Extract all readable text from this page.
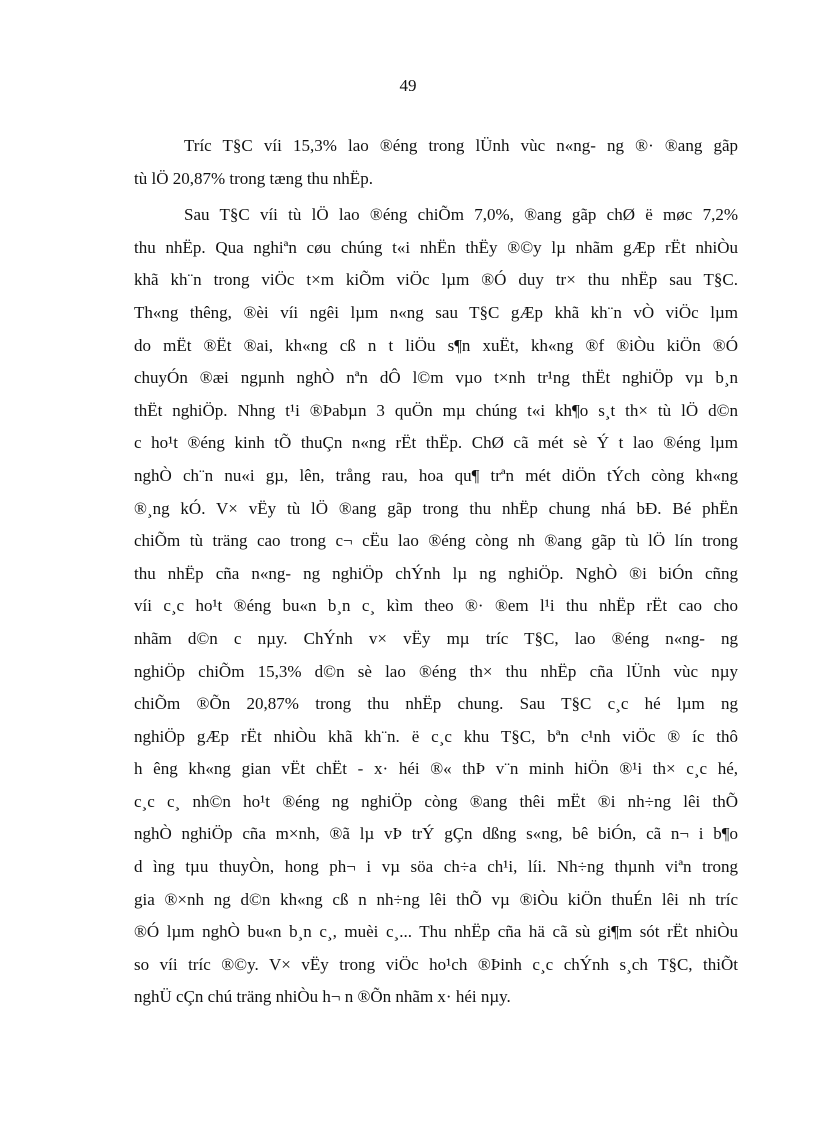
49
Tríc T§C víi 15,3% lao ®éng trong lÜnh vùc n«ng- ng ®· ®ang gãp
tù lÖ 20,87% trong tæng thu nhËp.
Sau T§C víi tù lÖ lao ®éng chiÕm 7,0%, ®ang gãp chØ ë møc 7,2%
thu nhËp. Qua nghiªn cøu chúng t«i nhËn thËy ®©y lµ nhãm gÆp rËt nhiÒu
khã kh¨n trong viÖc t×m kiÕm viÖc lµm ®Ó duy tr× thu nhËp sau T§C.
Th«ng thêng, ®èi víi ngêi lµm n«ng sau T§C gÆp khã kh¨n vÒ viÖc lµm
do mËt ®Ët ®ai, kh«ng cß n t liÖu s¶n xuËt, kh«ng ®f ®iÒu kiÖn ®Ó
chuyÓn ®æi ngµnh nghÒ nªn dÔ l©m vµo t×nh tr¹ng thËt nghiÖp vµ b¸n
thËt nghiÖp. Nhng t¹i ®Þabµn 3 quÖn mµ chúng t«i kh¶o s¸t th× tù lÖ d©n
c ho¹t ®éng kinh tÕ thuÇn n«ng rËt thËp. ChØ cã mét sè Ý t lao ®éng lµm
nghÒ ch¨n nu«i gµ, lên, trång rau, hoa qu¶ trªn mét diÖn tÝch còng kh«ng
®¸ng kÓ. V× vËy tù lÖ ®ang gãp trong thu nhËp chung nhá bÐ. Bé phËn
chiÕm tù träng cao trong c¬ cËu lao ®éng còng nh ®ang gãp tù lÖ lín trong
thu nhËp cña n«ng- ng nghiÖp chÝnh lµ ng nghiÖp. NghÒ ®i biÓn cñng
víi c¸c ho¹t ®éng bu«n b¸n c¸ kìm theo ®· ®em l¹i thu nhËp rËt cao cho
nhãm d©n c nµy. ChÝnh v× vËy mµ tríc T§C, lao ®éng n«ng- ng
nghiÖp chiÕm 15,3% d©n sè lao ®éng th× thu nhËp cña lÜnh vùc nµy
chiÕm ®Õn 20,87% trong thu nhËp chung. Sau T§C c¸c hé lµm ng
nghiÖp gÆp rËt nhiÒu khã kh¨n. ë c¸c khu T§C, bªn c¹nh viÖc ® íc thô
h êng kh«ng gian vËt chËt - x· héi ®« thÞ v¨n minh hiÖn ®¹i th× c¸c hé,
c¸c c¸ nh©n ho¹t ®éng ng nghiÖp còng ®ang thêi mËt ®i nh÷ng lêi thÕ
nghÒ nghiÖp cña m×nh, ®ã lµ vÞ trÝ gÇn dßng s«ng, bê biÓn, cã n¬ i b¶o
d ìng tµu thuyÒn, hong ph¬ i vµ söa ch÷a ch¹i, líi. Nh÷ng thµnh viªn trong
gia ®×nh ng d©n kh«ng cß n nh÷ng lêi thÕ vµ ®iÒu kiÖn thuÉn lêi nh tríc
®Ó lµm nghÒ bu«n b¸n c¸, muèi c¸... Thu nhËp cña hä cã sù gi¶m sót rËt nhiÒu
so víi tríc ®©y. V× vËy trong viÖc ho¹ch ®Þinh c¸c chÝnh s¸ch T§C, thiÕt
nghÜ cÇn chú träng nhiÒu h¬ n ®Õn nhãm x· héi nµy.
